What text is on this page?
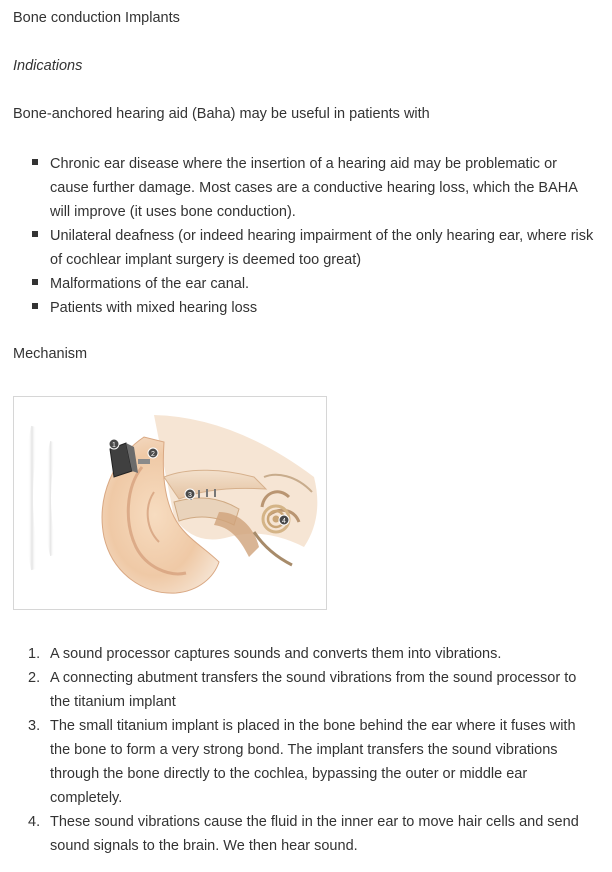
Bone conduction Implants

Indications

Bone-anchored hearing aid (Baha) may be useful in patients with

Chronic ear disease where the insertion of a hearing aid may be problematic or cause further damage. Most cases are a conductive hearing loss, which the BAHA will improve (it uses bone conduction).
Unilateral deafness (or indeed hearing impairment of the only hearing ear, where risk of cochlear implant surgery is deemed too great)
Malformations of the ear canal.
Patients with mixed hearing loss

Mechanism

1
2
3
4
1. A sound processor captures sounds and converts them into vibrations.
2. A connecting abutment transfers the sound vibrations from the sound processor to the titanium implant
3. The small titanium implant is placed in the bone behind the ear where it fuses with the bone to form a very strong bond. The implant transfers the sound vibrations through the bone directly to the cochlea, bypassing the outer or middle ear completely.
4. These sound vibrations cause the fluid in the inner ear to move hair cells and send sound signals to the brain. We then hear sound.
